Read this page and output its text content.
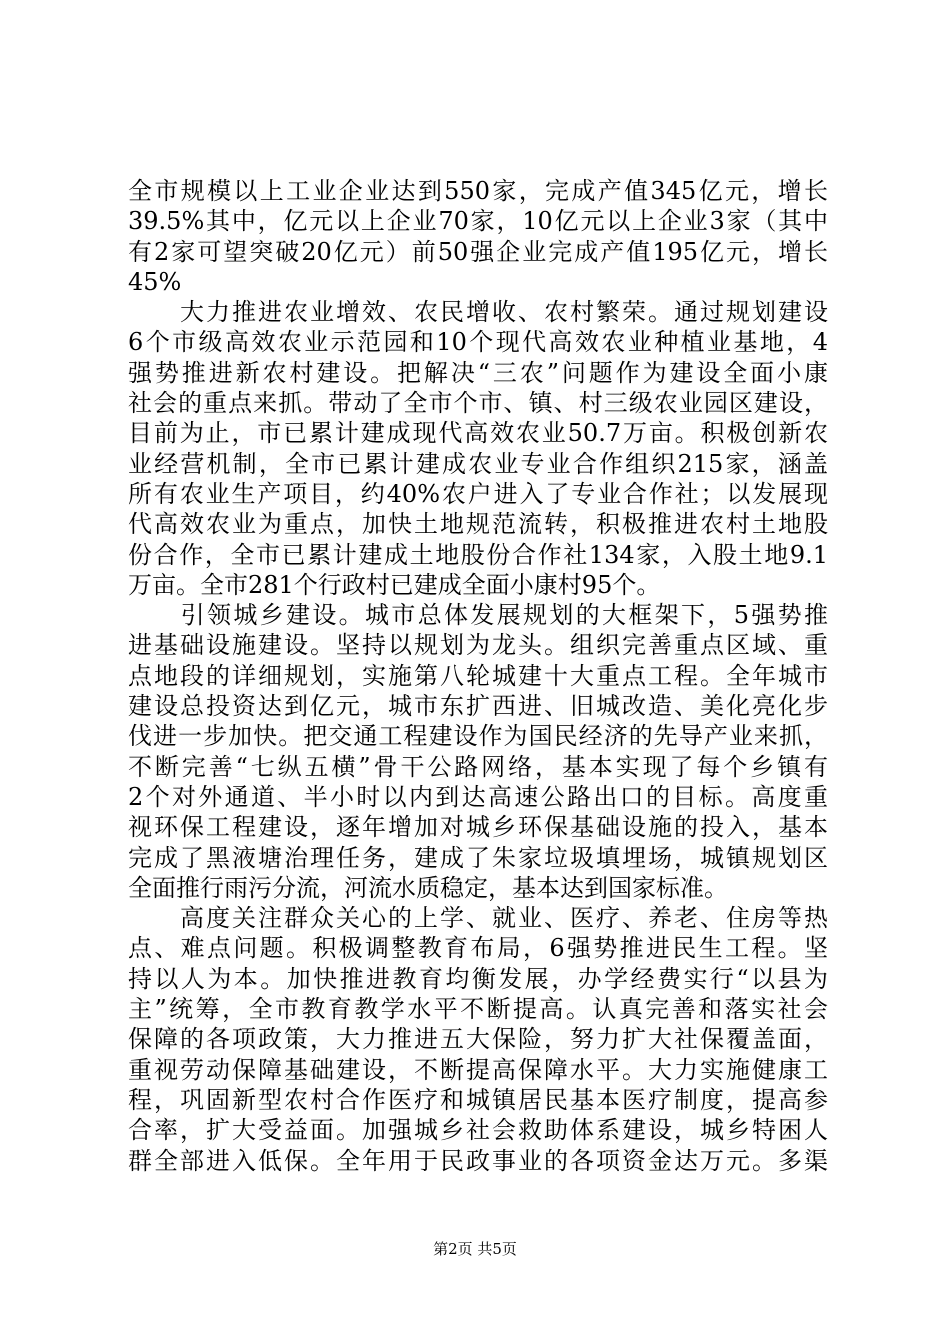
全市规模以上工业企业达到550家，完成产值345亿元，增长
39.5%其中，亿元以上企业70家，10亿元以上企业3家（其中
有2家可望突破20亿元）前50强企业完成产值195亿元，增长
45%
　　大力推进农业增效、农民增收、农村繁荣。通过规划建设
6个市级高效农业示范园和10个现代高效农业种植业基地，4
强势推进新农村建设。把解决“三农”问题作为建设全面小康
社会的重点来抓。带动了全市个市、镇、村三级农业园区建设，
目前为止，市已累计建成现代高效农业50.7万亩。积极创新农
业经营机制，全市已累计建成农业专业合作组织215家，涵盖
所有农业生产项目，约40%农户进入了专业合作社；以发展现
代高效农业为重点，加快土地规范流转，积极推进农村土地股
份合作，全市已累计建成土地股份合作社134家，入股土地9.1
万亩。全市281个行政村已建成全面小康村95个。
　　引领城乡建设。城市总体发展规划的大框架下，5强势推
进基础设施建设。坚持以规划为龙头。组织完善重点区域、重
点地段的详细规划，实施第八轮城建十大重点工程。全年城市
建设总投资达到亿元，城市东扩西进、旧城改造、美化亮化步
伐进一步加快。把交通工程建设作为国民经济的先导产业来抓，
不断完善“七纵五横”骨干公路网络，基本实现了每个乡镇有
2个对外通道、半小时以内到达高速公路出口的目标。高度重
视环保工程建设，逐年增加对城乡环保基础设施的投入，基本
完成了黑液塘治理任务，建成了朱家垃圾填埋场，城镇规划区
全面推行雨污分流，河流水质稳定，基本达到国家标准。
　　高度关注群众关心的上学、就业、医疗、养老、住房等热
点、难点问题。积极调整教育布局，6强势推进民生工程。坚
持以人为本。加快推进教育均衡发展，办学经费实行“以县为
主”统筹，全市教育教学水平不断提高。认真完善和落实社会
保障的各项政策，大力推进五大保险，努力扩大社保覆盖面，
重视劳动保障基础建设，不断提高保障水平。大力实施健康工
程，巩固新型农村合作医疗和城镇居民基本医疗制度，提高参
合率，扩大受益面。加强城乡社会救助体系建设，城乡特困人
群全部进入低保。全年用于民政事业的各项资金达万元。多渠
第2页 共5页
